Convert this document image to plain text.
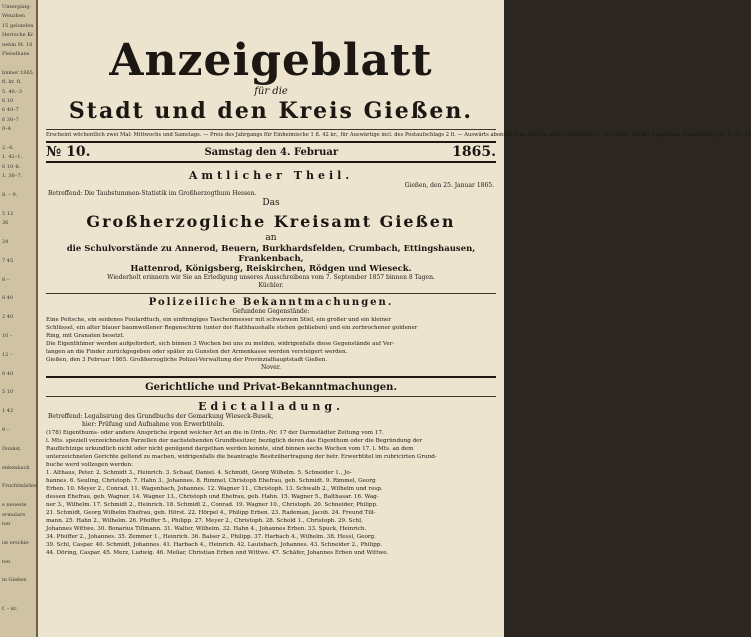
Untergäng-
Wenzhen
15 gelunden
Herrsche Kr
nehm M. 10
Fleisdbans
bnmer 1865.
fl. kr. fl.
5. 40.–3
6 10
6 40–7
6 30–7
0–4.
2.–6.
1. 42–1.
6 10–6.
1. 36–7.
8. – 9.
5 12
36
24
7 45
8 –
8 40
2 40
10 –
12 –
8 40
5 10
1 42
9 –
Dunkst.
enkenbach
Fruchtmärkte
e neueste
ermulare
ten
ist erschie-
ten
in Gießen
f. – kr.
Anzeigeblatt
für die
Stadt und den Kreis Gießen.
Erscheint wöchentlich zwei Mal: Mittwochs und Samstags. — Preis des Jahrgangs für Einheimische 1 fl. 42 kr., für Auswärtige incl. des Postaufschlags 2 fl. — Auswärts abonnirt man sich bei allen Postämtern. — In Gießen bei der Expedition (Kanzleiberg Lit. B. Nr. 1).
№ 10.	Samstag den 4. Februar	1865.
Amtlicher Theil.
Gießen, den 25. Januar 1865.
Betreffend: Die Taubstummen-Statistik im Großherzogthum Hessen.
Das
Großherzogliche Kreisamt Gießen
an
die Schulvorstände zu Annerod, Beuern, Burkhardsfelden, Crumbach, Ettingshausen, Frankenbach,
Hattenrod, Königsberg, Reiskirchen, Rödgen und Wieseck.
Wiederholt erinnern wir Sie an Erledigung unseres Ausschreibens vom 7. September 1857 binnen 8 Tagen.
Küchler.
Polizeiliche Bekanntmachungen.
Gefundene Gegenstände:
Eine Peitsche, ein seidenes Foulardtuch, ein einfinngiges Taschenmesser mit schwarzem Stiel, ein großer und ein kleiner
Schlüssel, ein alter blauer baumwollener Regenschirm (unter der Rathhaushalle stehen geblieben) und ein zerbrochener goldener
Ring, mit Granaten besetzt.
Die Eigenthümer werden aufgefordert, sich binnen 3 Wochen bei uns zu melden, widrigenfalls diese Gegenstände auf Ver-
langen an die Finder zurückgegeben oder später zu Gunsten der Armenkasse werden versteigert werden.
Gießen, den 3 Februar 1865. Großherzogliche Polizei-Verwaltung der Provinzialhauptstadt Gießen.
Nover.
Gerichtliche und Privat-Bekanntmachungen.
Edictalladung.
Betreffend: Legalisirung des Grundbuchs der Gemarkung Wieseck-Busek,
hier: Prüfung und Aufnahme von Erwerbtiteln.
(178) Eigenthums- oder andere Ansprüche irgend welcher Art an die in Ordn.-Nr. 17 der Darmstädter Zeitung vom 17.
l. Mts. speziell verzeichneten Parzellen der nachstehenden Grundbesitzer, bezüglich deren das Eigenthum oder die Begründung der
Rauflichtzige urkundlich nicht oder nicht genügend dargethan werden konnte, sind binnen sechs Wochen vom 17. l. Mts. an dem
unterzeichneten Gerichte geltend zu machen, widrigenfalls die beantragte Besitzübertragung der betr. Erwerbtitel im rubricirten Grund-
buche werd vollzogen werden:
1. Althaus, Peter. 2. Schmidt 3., Heinrich. 3. Schaaf, Daniel. 4. Schmidt, Georg Wilhelm. 5. Schneider 1., Jo-
hannes. 6. Seuling, Christoph. 7. Hahn 3., Johannes. 8. Rimmel, Christoph Ehefrau, geb. Schmidt. 9. Rimmel, Georg
Erben. 10. Meyer 2., Conrad. 11. Wagenbach, Johannes. 12. Wagner 11., Christoph. 13. Schwalb 2., Wilhelm und resp.
dessen Ehefrau, geb. Wagner. 14. Wagner 13., Christoph und Ehefrau, geb. Hahn. 15. Wagner 5., Balthasar. 16. Wag-
ner 3., Wilhelm. 17. Schmidt 2., Heinrich. 18. Schmidt 2., Conrad. 19. Wagner 10., Christoph. 20. Schneider, Philipp.
21. Schmidt, Georg Wilhelm Ehefrau, geb. Hörst. 22. Hörpel 4., Philipp Erben. 23. Rademan, Jacob. 24. Freund Till-
mann. 25. Hahn 2., Wilhelm. 26. Pfeiffer 5., Philipp. 27. Meyer 2., Christoph. 28. Schold 1., Christoph. 29. Schl,
Johannes Wittwe. 30. Bonarius Tillmann. 31. Walter, Wilhelm. 32. Hahn 4., Johannes Erben. 33. Spuck, Heinrich.
34. Pfeiffer 2., Johannes. 35. Zemmer 1., Heinrich. 36. Balser 2., Philipp. 37. Harbach 4., Wilhelm. 38. Hessl, Georg.
39. Schl, Caspar. 40. Schmidt, Johannes. 41. Harbach 4., Heinrich. 42. Lautsbach, Johannes. 43. Schneider 2., Philipp.
44. Döring, Caspar. 45. Merz, Ludwig. 46. Meliar, Christian Erben und Wittwe. 47. Schäfer, Johannes Erben und Wittwe.
